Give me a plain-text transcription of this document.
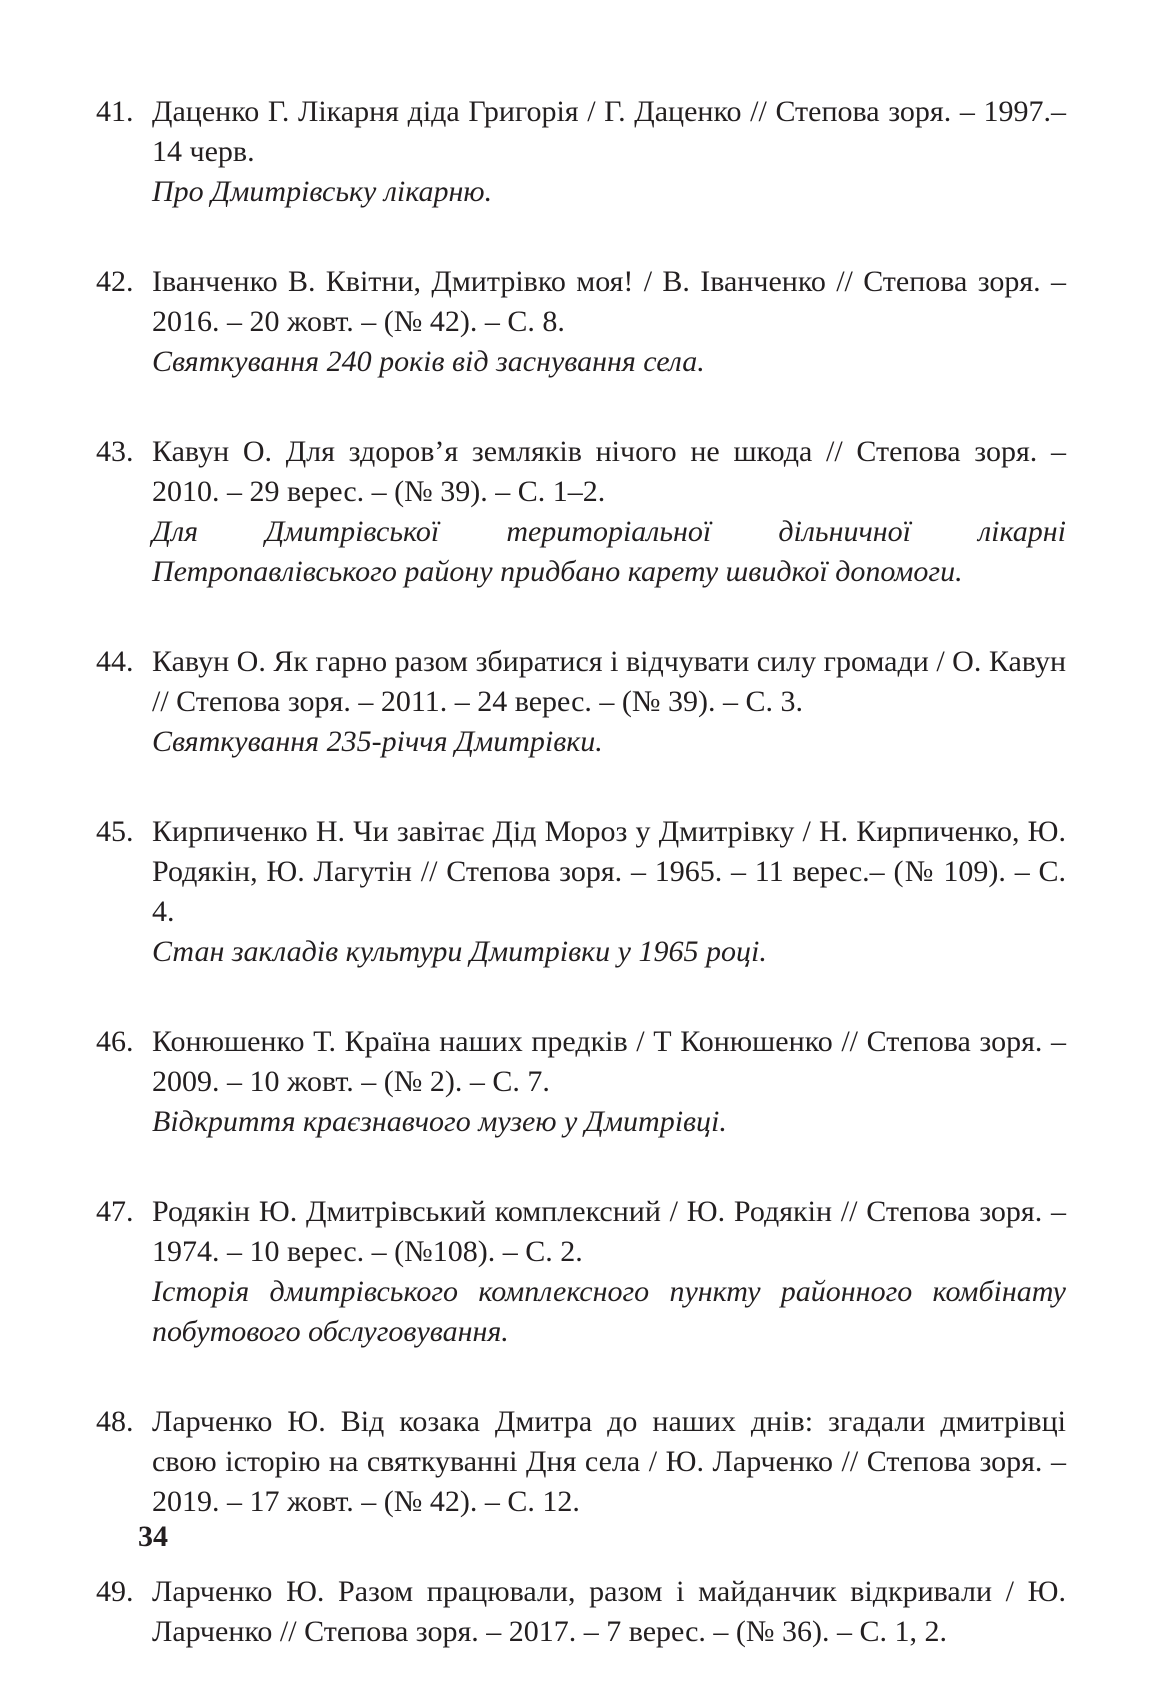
41. Даценко Г. Лікарня діда Григорія / Г. Даценко // Степова зоря. – 1997.– 14 черв.

Про Дмитрівську лікарню.

42. Іванченко В. Квітни, Дмитрівко моя! / В. Іванченко // Степова зоря. – 2016. – 20 жовт. – (№ 42). – С. 8.

Святкування 240 років від заснування села.

43. Кавун О. Для здоров’я земляків нічого не шкода // Степова зоря. – 2010. – 29 верес. – (№ 39). – С. 1–2.

Для Дмитрівської територіальної дільничної лікарні Петропавлівського району придбано карету швидкої допомоги.

44. Кавун О. Як гарно разом збиратися і відчувати силу громади / О. Кавун // Степова зоря. – 2011. – 24 верес. – (№ 39). – С. 3.

Святкування 235-річчя Дмитрівки.

45. Кирпиченко Н. Чи завітає Дід Мороз у Дмитрівку / Н. Кирпиченко, Ю. Родякін, Ю. Лагутін // Степова зоря. – 1965. – 11 верес.– (№ 109). – С. 4.

Стан закладів культури Дмитрівки у 1965 році.

46. Конюшенко Т. Країна наших предків / Т Конюшенко // Степова зоря. – 2009. – 10 жовт. – (№ 2). – С. 7.

Відкриття краєзнавчого музею у Дмитрівці.

47. Родякін Ю. Дмитрівський комплексний / Ю. Родякін // Степова зоря. – 1974. – 10 верес. – (№108). – С. 2.

Історія дмитрівського комплексного пункту районного комбінату побутового обслуговування.

48. Ларченко Ю. Від козака Дмитра до наших днів: згадали дмитрівці свою історію на святкуванні Дня села / Ю. Ларченко // Степова зоря. – 2019. – 17 жовт. – (№ 42). – С. 12.

49. Ларченко Ю. Разом працювали, разом і майданчик відкривали / Ю. Ларченко // Степова зоря. – 2017. – 7 верес. – (№ 36). – С. 1, 2.

34
